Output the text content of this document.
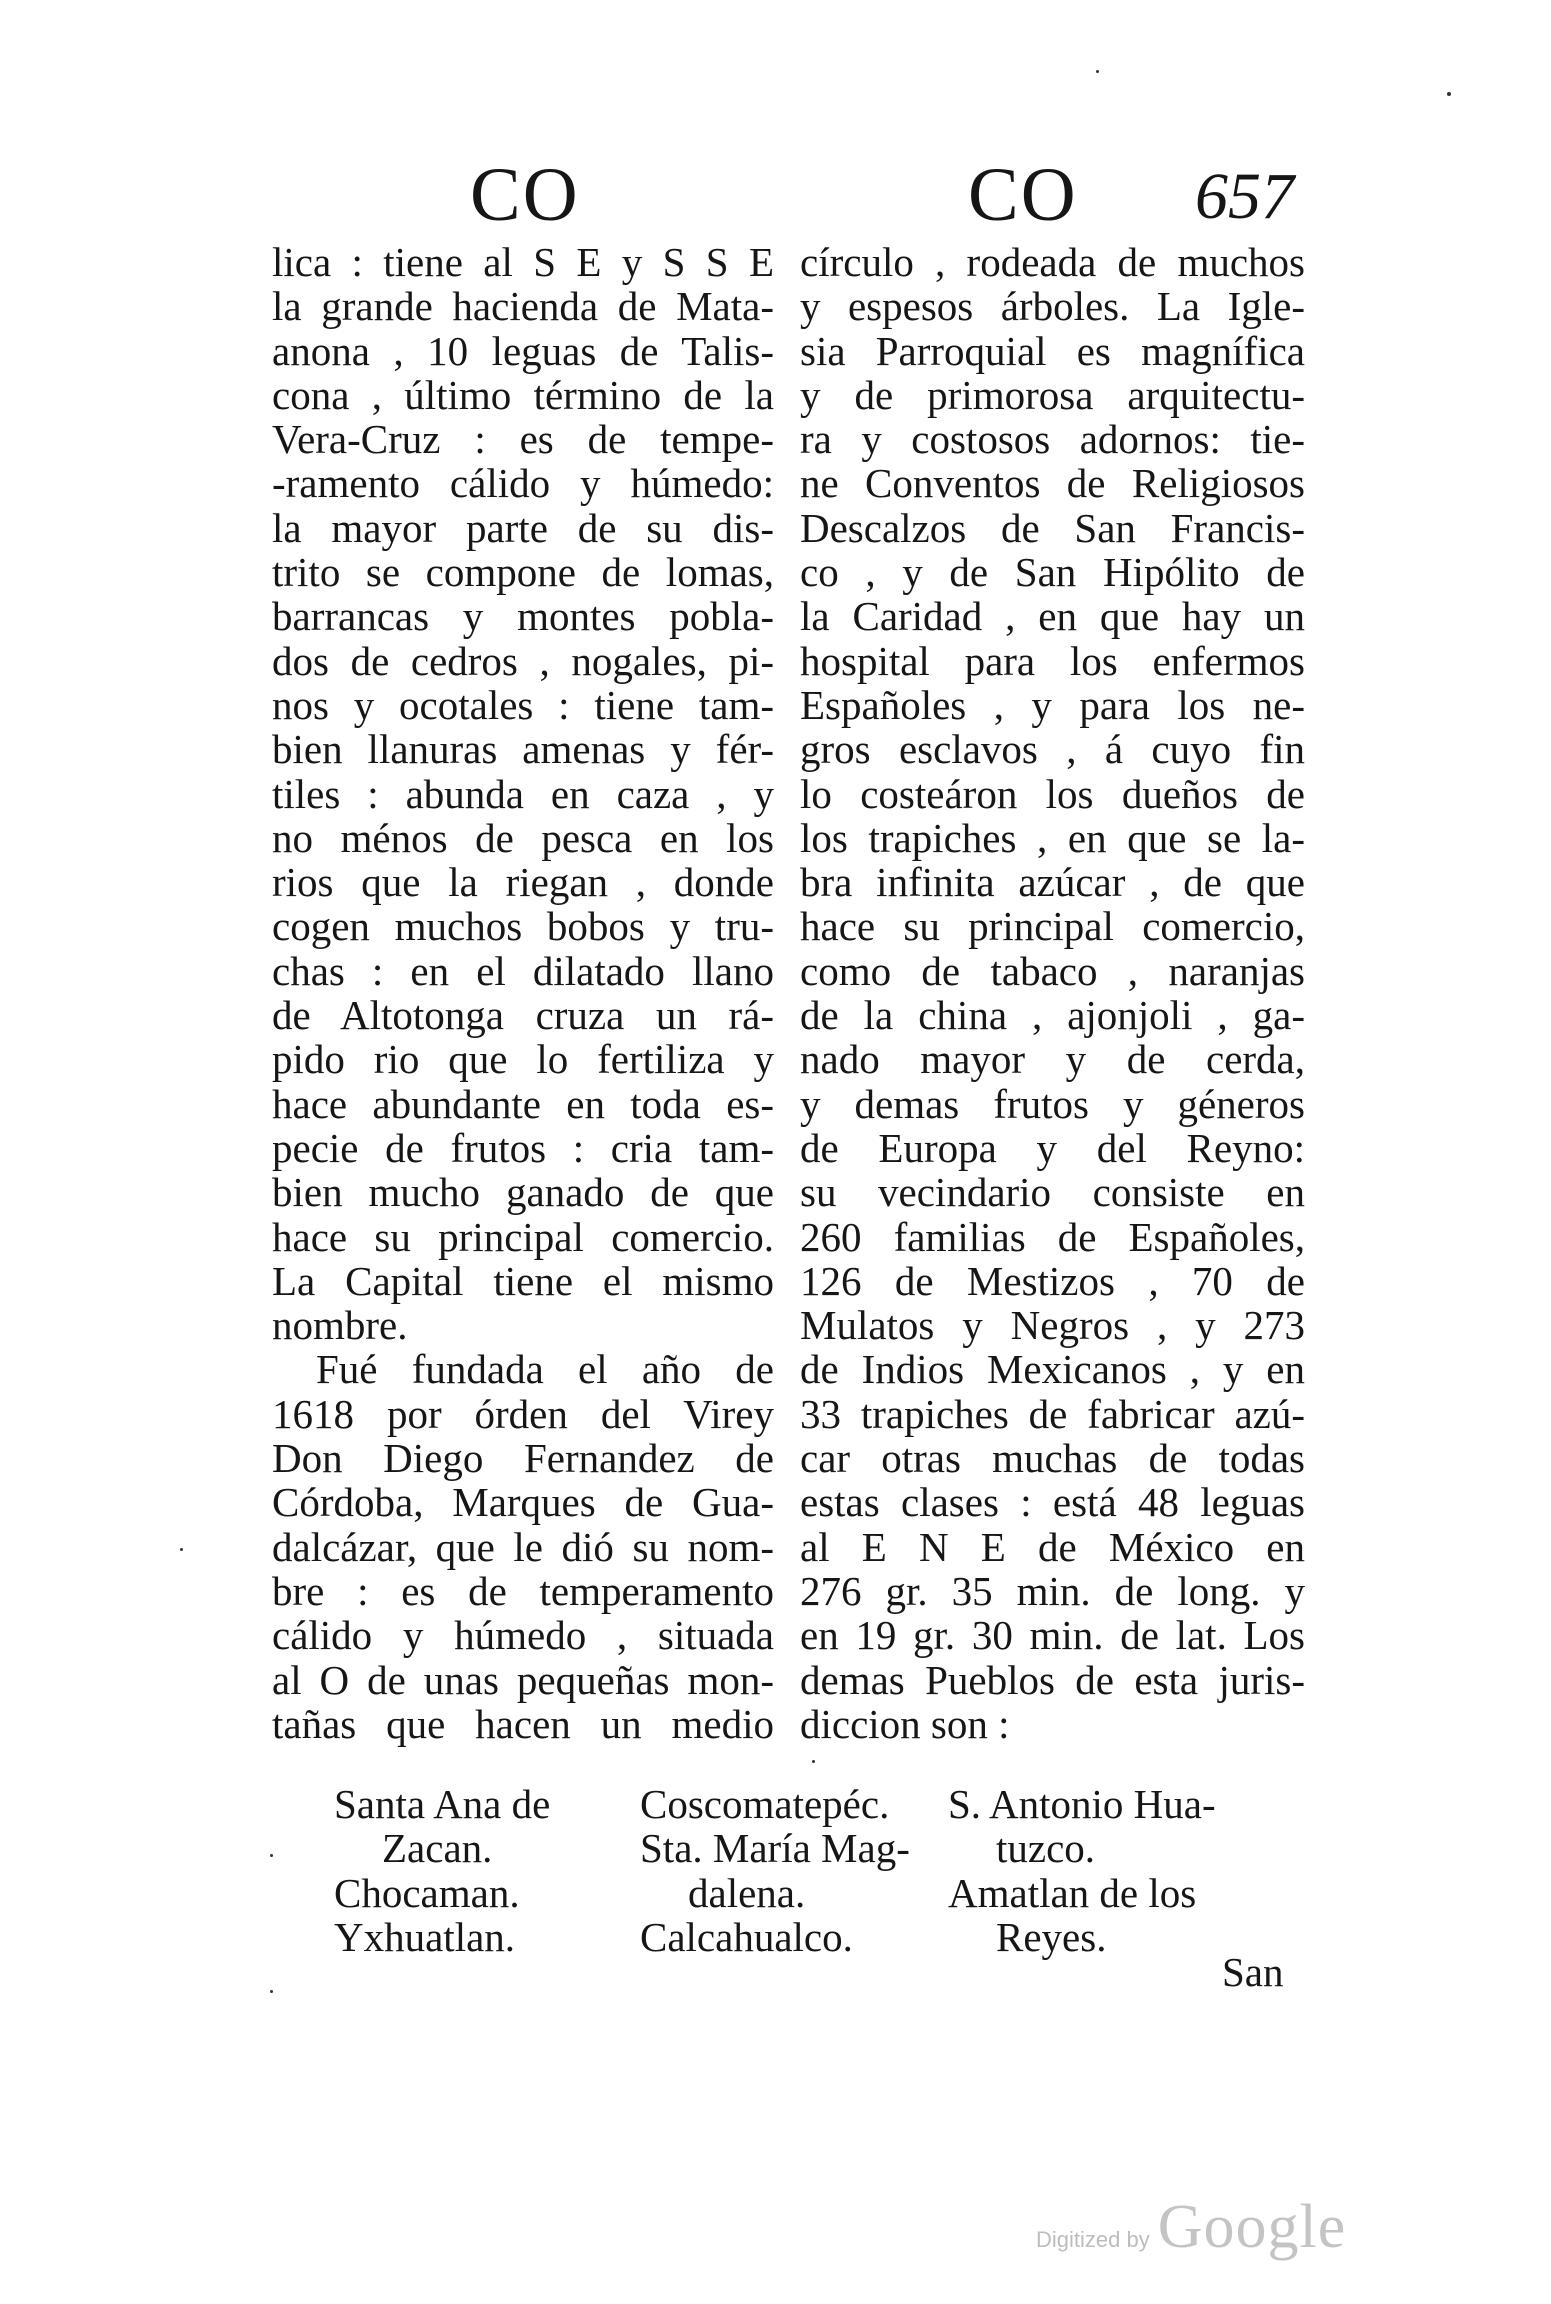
CO	CO 657
lica : tiene al S E y S S E
la grande hacienda de Mata-
anona , 10 leguas de Talis-
cona , último término de la
Vera-Cruz : es de tempe-
-ramento cálido y húmedo:
la mayor parte de su dis-
trito se compone de lomas,
barrancas y montes pobla-
dos de cedros , nogales, pi-
nos y ocotales : tiene tam-
bien llanuras amenas y fér-
tiles : abunda en caza , y
no ménos de pesca en los
rios que la riegan , donde
cogen muchos bobos y tru-
chas : en el dilatado llano
de Altotonga cruza un rá-
pido rio que lo fertiliza y
hace abundante en toda es-
pecie de frutos : cria tam-
bien mucho ganado de que
hace su principal comercio.
La Capital tiene el mismo
nombre.
Fué fundada el año de
1618 por órden del Virey
Don Diego Fernandez de
Córdoba, Marques de Gua-
dalcázar, que le dió su nom-
bre : es de temperamento
cálido y húmedo , situada
al O de unas pequeñas mon-
tañas que hacen un medio
círculo , rodeada de muchos
y espesos árboles. La Igle-
sia Parroquial es magnífica
y de primorosa arquitectu-
ra y costosos adornos: tie-
ne Conventos de Religiosos
Descalzos de San Francis-
co , y de San Hipólito de
la Caridad , en que hay un
hospital para los enfermos
Españoles , y para los ne-
gros esclavos , á cuyo fin
lo costeáron los dueños de
los trapiches , en que se la-
bra infinita azúcar , de que
hace su principal comercio,
como de tabaco , naranjas
de la china , ajonjoli , ga-
nado mayor y de cerda,
y demas frutos y géneros
de Europa y del Reyno:
su vecindario consiste en
260 familias de Españoles,
126 de Mestizos , 70 de
Mulatos y Negros , y 273
de Indios Mexicanos , y en
33 trapiches de fabricar azú-
car otras muchas de todas
estas clases : está 48 leguas
al E N E de México en
276 gr. 35 min. de long. y
en 19 gr. 30 min. de lat. Los
demas Pueblos de esta juris-
diccion son :
Santa Ana de
Zacan.
Chocaman.
Yxhuatlan.
Coscomatepéc.
Sta. María Mag-
dalena.
Calcahualco.
S. Antonio Hua-
tuzco.
Amatlan de los
Reyes.
San
Digitized by Google
